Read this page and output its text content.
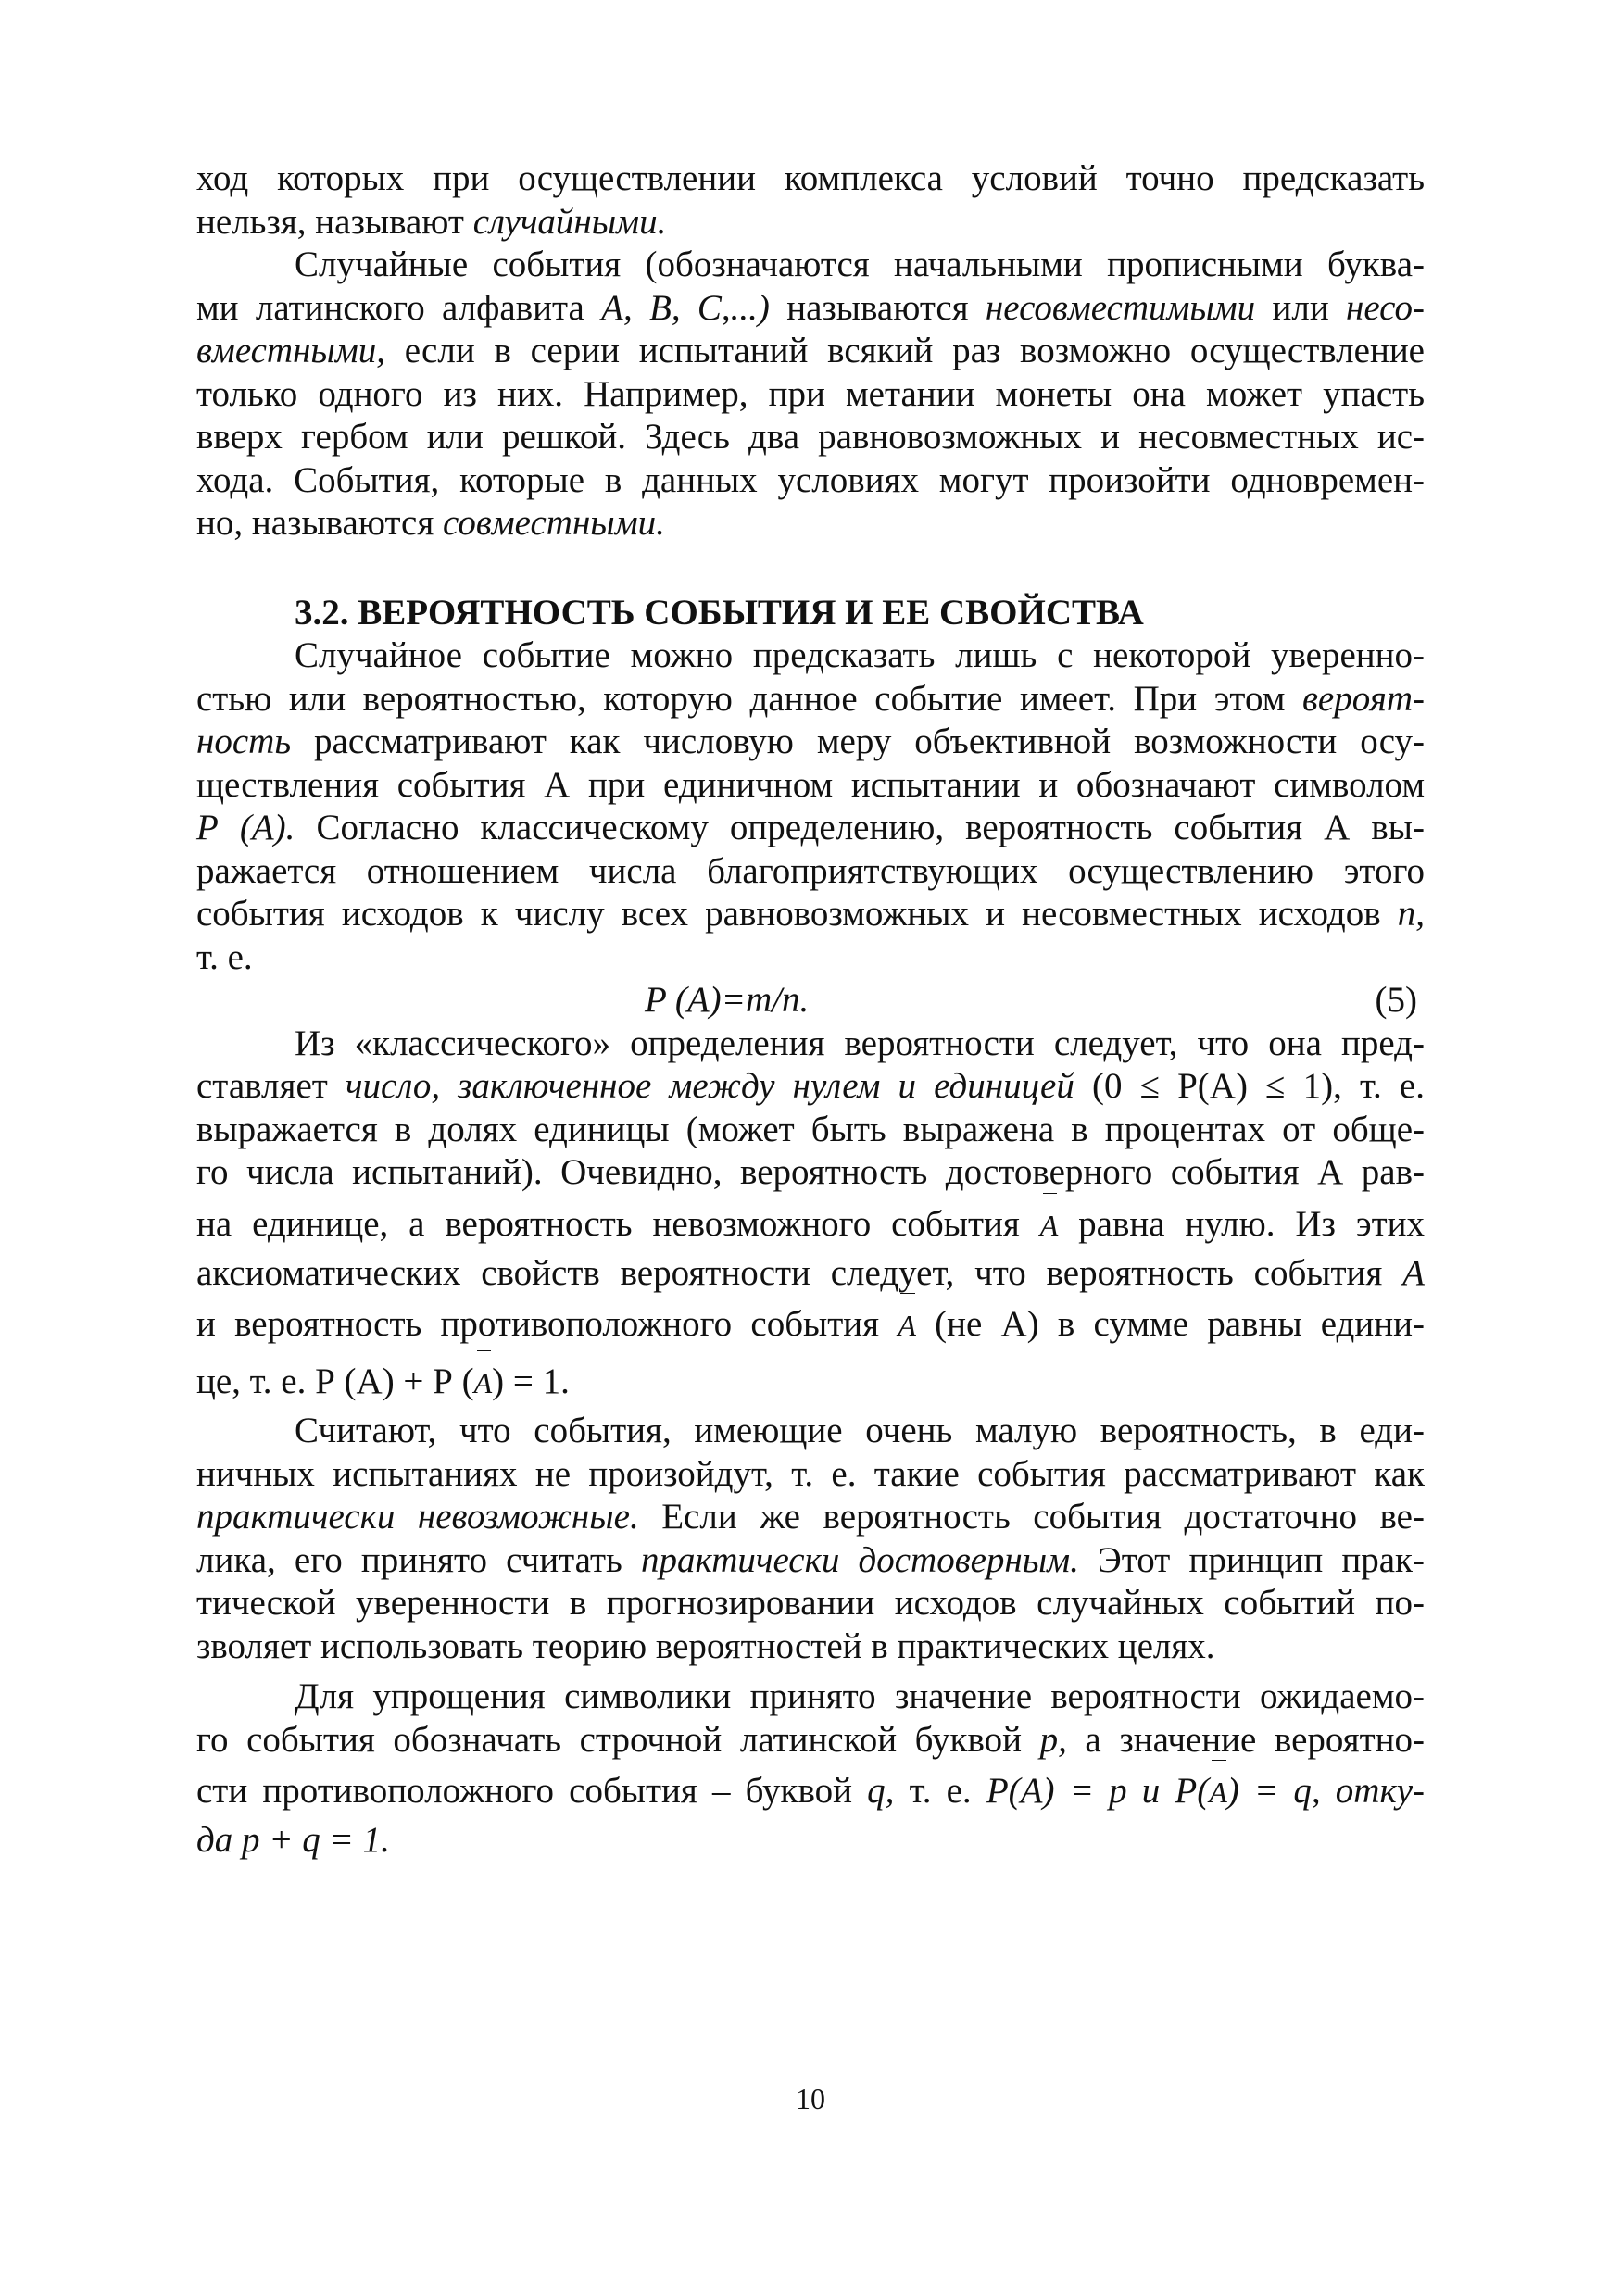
ход которых при осуществлении комплекса условий точно предсказать

нельзя, называют случайными.

Случайные события (обозначаются начальными прописными буква-

ми латинского алфавита А, В, С,...) называются несовместимыми или несо-

вместными, если в серии испытаний всякий раз возможно осуществление

только одного из них. Например, при метании монеты она может упасть

вверх гербом или решкой. Здесь два равновозможных и несовместных ис-

хода. События, которые в данных условиях могут произойти одновремен-

но, называются совместными.

3.2. ВЕРОЯТНОСТЬ СОБЫТИЯ И ЕЕ СВОЙСТВА

Случайное событие можно предсказать лишь с некоторой уверенно-

стью или вероятностью, которую данное событие имеет. При этом вероят-

ность рассматривают как числовую меру объективной возможности осу-

ществления события А при единичном испытании и обозначают символом

Р (А). Согласно классическому определению, вероятность события А вы-

ражается отношением числа благоприятствующих осуществлению этого

события исходов к числу всех равновозможных и несовместных исходов n,

т. е.

P (A)=m/n.	(5)

Из «классического» определения вероятности следует, что она пред-

ставляет число, заключенное между нулем и единицей (0 ≤ Р(А) ≤ 1), т. е.

выражается в долях единицы (может быть выражена в процентах от обще-

го числа испытаний). Очевидно, вероятность достоверного события А рав-

на единице, а вероятность невозможного события A равна нулю. Из этих

аксиоматических свойств вероятности следует, что вероятность события А

и вероятность противоположного события A (не А) в сумме равны едини-

це, т. е. Р (А) + Р (A) = 1.

Считают, что события, имеющие очень малую вероятность, в еди-

ничных испытаниях не произойдут, т. е. такие события рассматривают как

практически невозможные. Если же вероятность события достаточно ве-

лика, его принято считать практически достоверным. Этот принцип прак-

тической уверенности в прогнозировании исходов случайных событий по-

зволяет использовать теорию вероятностей в практических целях.

Для упрощения символики принято значение вероятности ожидаемо-

го события обозначать строчной латинской буквой р, а значение вероятно-

сти противоположного события – буквой q, т. е. Р(А) = р и Р(A) = q, отку-

да р + q = 1.

10
